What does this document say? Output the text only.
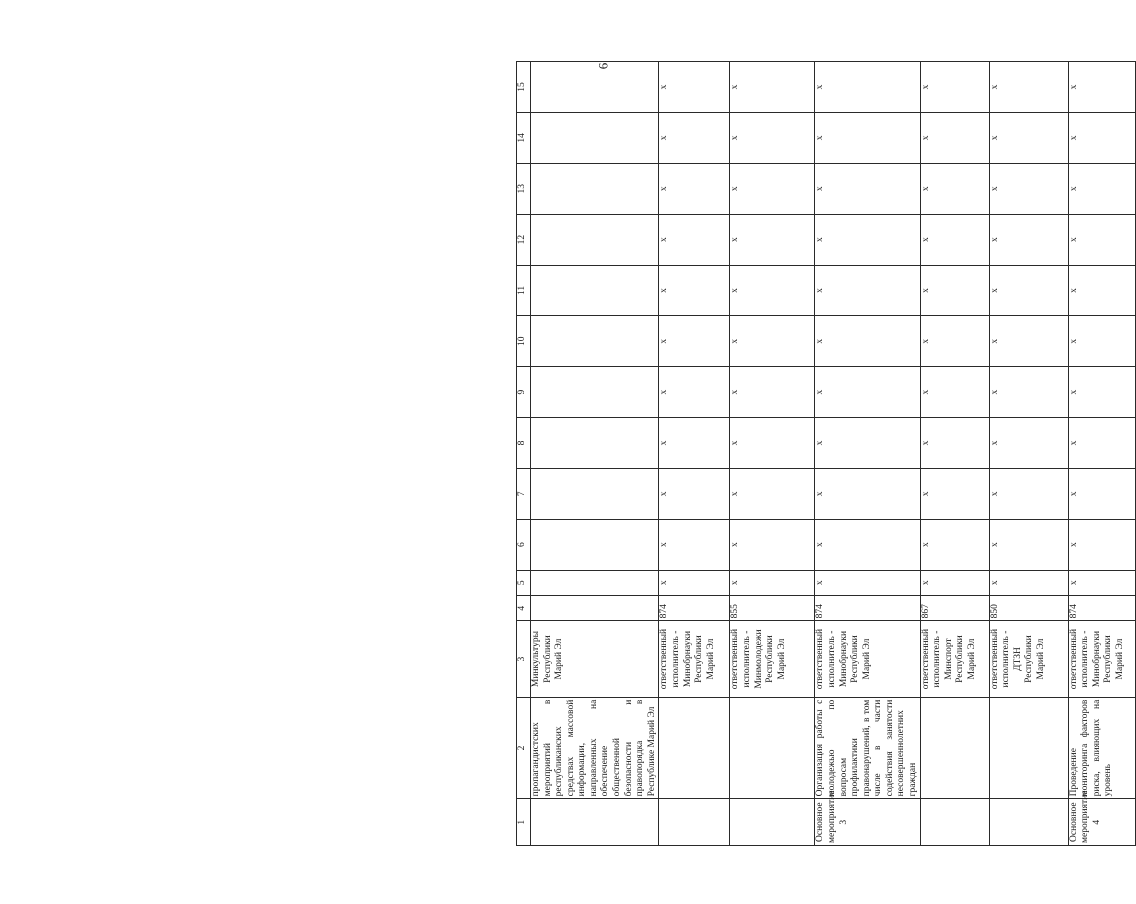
6
1	2	3	4	5	6	7	8	9	10	11	12	13	14	15
	пропагандистских мероприятий в республиканских средствах массовой информации, направленных на обеспечение общественной безопасности и правопорядка в Республике Марий Эл	Минкультуры Республики Марий Эл												
		ответственный исполнитель - Минобрнауки Республики Марий Эл	874	x	x	x	x	x	x	x	x	x	x	x
		ответственный исполнитель - Минмолодежи Республики Марий Эл	855	x	x	x	x	x	x	x	x	x	x	x
Основное мероприятие 3	Организация работы с молодежью по вопросам профилактики правонарушений, в том числе в части содействия занятости несовершеннолетних граждан	ответственный исполнитель - Минобрнауки Республики Марий Эл	874	x	x	x	x	x	x	x	x	x	x	x
		ответственный исполнитель - Минспорт Республики Марий Эл	867	x	x	x	x	x	x	x	x	x	x	x
		ответственный исполнитель - ДТЗН Республики Марий Эл	850	x	x	x	x	x	x	x	x	x	x	x
Основное мероприятие 4	Проведение мониторинга факторов риска, влияющих на уровень	ответственный исполнитель - Минобрнауки Республики Марий Эл	874	x	x	x	x	x	x	x	x	x	x	x
